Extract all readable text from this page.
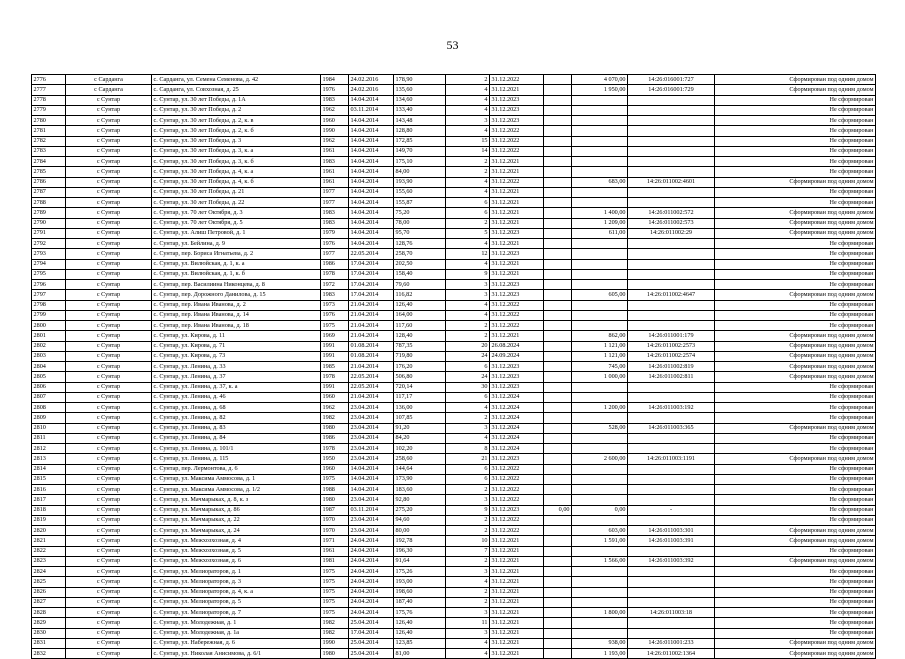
53
2776	с Сарданга	с. Сарданга, ул. Семена Семенова, д. 42	1984	24.02.2016	178,90	2	31.12.2022		4 070,00	14:26:016001:727	Сформирован под одним домом
2777	с Сарданга	с. Сарданга, ул. Совхозная, д. 25	1976	24.02.2016	135,60	4	31.12.2021		1 950,00	14:26:016001:729	Сформирован под одним домом
2778	с Сунтар	с. Сунтар, ул. 30 лет Победы, д. 1А	1983	14.04.2014	134,60	4	31.12.2023				Не сформирован
2779	с Сунтар	с. Сунтар, ул. 30 лет Победы, д. 2	1962	03.11.2014	133,40	4	31.12.2023				Не сформирован
2780	с Сунтар	с. Сунтар, ул. 30 лет Победы, д. 2, к. в	1960	14.04.2014	143,48	3	31.12.2023				Не сформирован
2781	с Сунтар	с. Сунтар, ул. 30 лет Победы, д. 2, к. б	1990	14.04.2014	128,80	4	31.12.2022				Не сформирован
2782	с Сунтар	с. Сунтар, ул. 30 лет Победы, д. 3	1962	14.04.2014	172,85	15	31.12.2022				Не сформирован
2783	с Сунтар	с. Сунтар, ул. 30 лет Победы, д. 3, к. а	1961	14.04.2014	149,70	14	31.12.2022				Не сформирован
2784	с Сунтар	с. Сунтар, ул. 30 лет Победы, д. 3, к. б	1983	14.04.2014	175,10	2	31.12.2021				Не сформирован
2785	с Сунтар	с. Сунтар, ул. 30 лет Победы, д. 4, к. а	1961	14.04.2014	84,00	2	31.12.2021				Не сформирован
2786	с Сунтар	с. Сунтар, ул. 30 лет Победы, д. 4, к. б	1961	14.04.2014	193,90	4	31.12.2022		683,00	14:26:011002:4601	Сформирован под одним домом
2787	с Сунтар	с. Сунтар, ул. 30 лет Победы, д. 21	1977	14.04.2014	155,60	4	31.12.2021				Не сформирован
2788	с Сунтар	с. Сунтар, ул. 30 лет Победы, д. 22	1977	14.04.2014	155,87	6	31.12.2021				Не сформирован
2789	с Сунтар	с. Сунтар, ул. 70 лет Октября, д. 3	1983	14.04.2014	75,20	6	31.12.2021		1 400,00	14:26:011002:572	Сформирован под одним домом
2790	с Сунтар	с. Сунтар, ул. 70 лет Октября, д. 5	1983	14.04.2014	78,00	2	31.12.2021		1 209,00	14:26:011002:573	Сформирован под одним домом
2791	с Сунтар	с. Сунтар, ул. Алиш Петровой, д. 1	1979	14.04.2014	95,70	5	31.12.2023		611,00	14:26:011002:29	Сформирован под одним домом
2792	с Сунтар	с. Сунтар, ул. Бейлина, д. 9	1976	14.04.2014	128,76	4	31.12.2021				Не сформирован
2793	с Сунтар	с. Сунтар, пер. Бориса Игнатьева, д. 2	1977	22.05.2014	258,70	12	31.12.2023				Не сформирован
2794	с Сунтар	с. Сунтар, ул. Вилюйская, д. 1, к. а	1986	17.04.2014	202,50	4	31.12.2021				Не сформирован
2795	с Сунтар	с. Сунтар, ул. Вилюйская, д. 1, к. б	1978	17.04.2014	158,40	9	31.12.2021				Не сформирован
2796	с Сунтар	с. Сунтар, пер. Василиина Никонцева, д. 8	1972	17.04.2014	79,60	3	31.12.2023				Не сформирован
2797	с Сунтар	с. Сунтар, пер. Дорожного Данилова, д. 15	1983	17.04.2014	116,82	3	31.12.2023		605,00	14:26:011002:4647	Сформирован под одним домом
2798	с Сунтар	с. Сунтар, пер. Ивана Иванова, д. 2	1973	21.04.2014	126,40	4	31.12.2022				Не сформирован
2799	с Сунтар	с. Сунтар, пер. Ивана Иванова, д. 14	1976	21.04.2014	164,00	4	31.12.2022				Не сформирован
2800	с Сунтар	с. Сунтар, пер. Ивана Иванова, д. 18	1975	21.04.2014	117,60	2	31.12.2022				Не сформирован
2801	с Сунтар	с. Сунтар, ул. Кирова, д. 11	1969	21.04.2014	128,40	2	31.12.2021		862,00	14:26:011001:179	Сформирован под одним домом
2802	с Сунтар	с. Сунтар, ул. Кирова, д. 71	1991	01.08.2014	787,35	20	26.08.2024		1 121,00	14:26:011002:2573	Сформирован под одним домом
2803	с Сунтар	с. Сунтар, ул. Кирова, д. 73	1991	01.08.2014	719,80	24	24.09.2024		1 121,00	14:26:011002:2574	Сформирован под одним домом
2804	с Сунтар	с. Сунтар, ул. Ленина, д. 33	1985	21.04.2014	176,20	6	31.12.2023		745,00	14:26:011002:819	Сформирован под одним домом
2805	с Сунтар	с. Сунтар, ул. Ленина, д. 37	1978	22.05.2014	506,80	24	31.12.2023		1 000,00	14:26:011002:811	Сформирован под одним домом
2806	с Сунтар	с. Сунтар, ул. Ленина, д. 37, к. а	1991	22.05.2014	720,14	30	31.12.2023				Не сформирован
2807	с Сунтар	с. Сунтар, ул. Ленина, д. 46	1960	21.04.2014	117,17	6	31.12.2024				Не сформирован
2808	с Сунтар	с. Сунтар, ул. Ленина, д. 68	1962	23.04.2014	136,00	4	31.12.2024		1 200,00	14:26:011003:192	Не сформирован
2809	с Сунтар	с. Сунтар, ул. Ленина, д. 82	1982	23.04.2014	107,85	2	31.12.2024				Не сформирован
2810	с Сунтар	с. Сунтар, ул. Ленина, д. 83	1980	23.04.2014	91,20	3	31.12.2024		528,00	14:26:011003:365	Сформирован под одним домом
2811	с Сунтар	с. Сунтар, ул. Ленина, д. 84	1986	23.04.2014	84,20	4	31.12.2024				Не сформирован
2812	с Сунтар	с. Сунтар, ул. Ленина, д. 101/1	1978	23.04.2014	102,20	8	31.12.2024				Не сформирован
2813	с Сунтар	с. Сунтар, ул. Ленина, д. 115	1950	23.04.2014	258,60	21	31.12.2023		2 600,00	14:26:011003:1191	Сформирован под одним домом
2814	с Сунтар	с. Сунтар, пер. Лермонтова, д. 6	1960	14.04.2014	144,64	6	31.12.2022				Не сформирован
2815	с Сунтар	с. Сунтар, ул. Максима Аммосова, д. 1	1975	14.04.2014	173,90	6	31.12.2022				Не сформирован
2816	с Сунтар	с. Сунтар, ул. Максима Аммосова, д. 1/2	1988	14.04.2014	183,60	2	31.12.2022				Не сформирован
2817	с Сунтар	с. Сунтар, ул. Мачмарыках, д. 8, к. з	1980	23.04.2014	92,80	3	31.12.2022				Не сформирован
2818	с Сунтар	с. Сунтар, ул. Мачмарыках, д. 86	1987	03.11.2014	275,20	9	31.12.2023	0,00	0,00	-	Не сформирован
2819	с Сунтар	с. Сунтар, ул. Мачмарыках, д. 22	1970	23.04.2014	94,60	2	31.12.2022				Не сформирован
2820	с Сунтар	с. Сунтар, ул. Мачмарыках, д. 24	1970	23.04.2014	80,00	2	31.12.2022		603,00	14:26:011003:301	Сформирован под одним домом
2821	с Сунтар	с. Сунтар, ул. Межхозхозная, д. 4	1971	24.04.2014	192,78	10	31.12.2021		1 591,00	14:26:011003:391	Сформирован под одним домом
2822	с Сунтар	с. Сунтар, ул. Межхозхозная, д. 5	1961	24.04.2014	196,30	7	31.12.2021				Не сформирован
2823	с Сунтар	с. Сунтар, ул. Межхозхозная, д. 6	1981	24.04.2014	91,64	2	31.12.2021		1 566,00	14:26:011003:392	Сформирован под одним домом
2824	с Сунтар	с. Сунтар, ул. Мелиораторов, д. 1	1975	24.04.2014	175,26	3	31.12.2021				Не сформирован
2825	с Сунтар	с. Сунтар, ул. Мелиораторов, д. 3	1975	24.04.2014	193,00	4	31.12.2021				Не сформирован
2826	с Сунтар	с. Сунтар, ул. Мелиораторов, д. 4, к. а	1975	24.04.2014	198,60	2	31.12.2021				Не сформирован
2827	с Сунтар	с. Сунтар, ул. Мелиораторов, д. 5	1975	24.04.2014	187,40	2	31.12.2021				Не сформирован
2828	с Сунтар	с. Сунтар, ул. Мелиораторов, д. 7	1975	24.04.2014	175,76	3	31.12.2021		1 800,00	14:26:011003:18	Не сформирован
2829	с Сунтар	с. Сунтар, ул. Молодежная, д. 1	1982	25.04.2014	126,40	11	31.12.2021				Не сформирован
2830	с Сунтар	с. Сунтар, ул. Молодежная, д. 1а	1982	17.04.2014	126,40	3	31.12.2021				Не сформирован
2831	с Сунтар	с. Сунтар, ул. Набережная, д. 6	1990	25.04.2014	123,85	4	31.12.2021		938,00	14:26:011001:233	Сформирован под одним домом
2832	с Сунтар	с. Сунтар, ул. Николая Анисимова, д. 6/1	1980	25.04.2014	81,00	4	31.12.2021		1 193,00	14:26:011002:1364	Сформирован под одним домом
